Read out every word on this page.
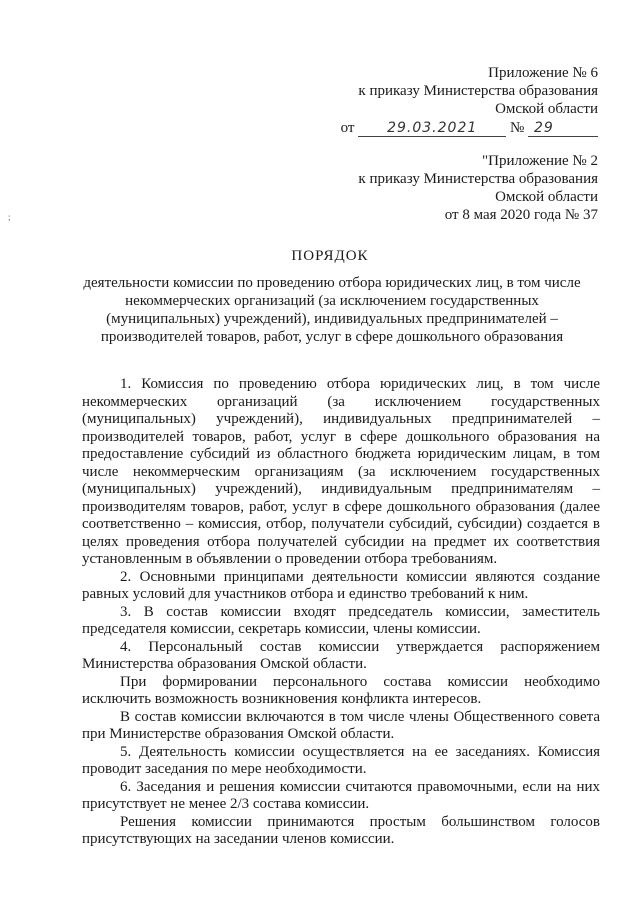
;
Приложение № 6
к приказу Министерства образования
Омской области
от 29.03.2021 № 29
"Приложение № 2
к приказу Министерства образования
Омской области
от 8 мая 2020 года № 37
ПОРЯДОК
деятельности комиссии по проведению отбора юридических лиц, в том числе некоммерческих организаций (за исключением государственных (муниципальных) учреждений), индивидуальных предпринимателей – производителей товаров, работ, услуг в сфере дошкольного образования

1. Комиссия по проведению отбора юридических лиц, в том числе некоммерческих организаций (за исключением государственных (муниципальных) учреждений), индивидуальных предпринимателей – производителей товаров, работ, услуг в сфере дошкольного образования на предоставление субсидий из областного бюджета юридическим лицам, в том числе некоммерческим организациям (за исключением государственных (муниципальных) учреждений), индивидуальным предпринимателям – производителям товаров, работ, услуг в сфере дошкольного образования (далее соответственно – комиссия, отбор, получатели субсидий, субсидии) создается в целях проведения отбора получателей субсидии на предмет их соответствия установленным в объявлении о проведении отбора требованиям.

2. Основными принципами деятельности комиссии являются создание равных условий для участников отбора и единство требований к ним.

3. В состав комиссии входят председатель комиссии, заместитель председателя комиссии, секретарь комиссии, члены комиссии.

4. Персональный состав комиссии утверждается распоряжением Министерства образования Омской области.

При формировании персонального состава комиссии необходимо исключить возможность возникновения конфликта интересов.

В состав комиссии включаются в том числе члены Общественного совета при Министерстве образования Омской области.

5. Деятельность комиссии осуществляется на ее заседаниях. Комиссия проводит заседания по мере необходимости.

6. Заседания и решения комиссии считаются правомочными, если на них присутствует не менее 2/3 состава комиссии.

Решения комиссии принимаются простым большинством голосов присутствующих на заседании членов комиссии.
